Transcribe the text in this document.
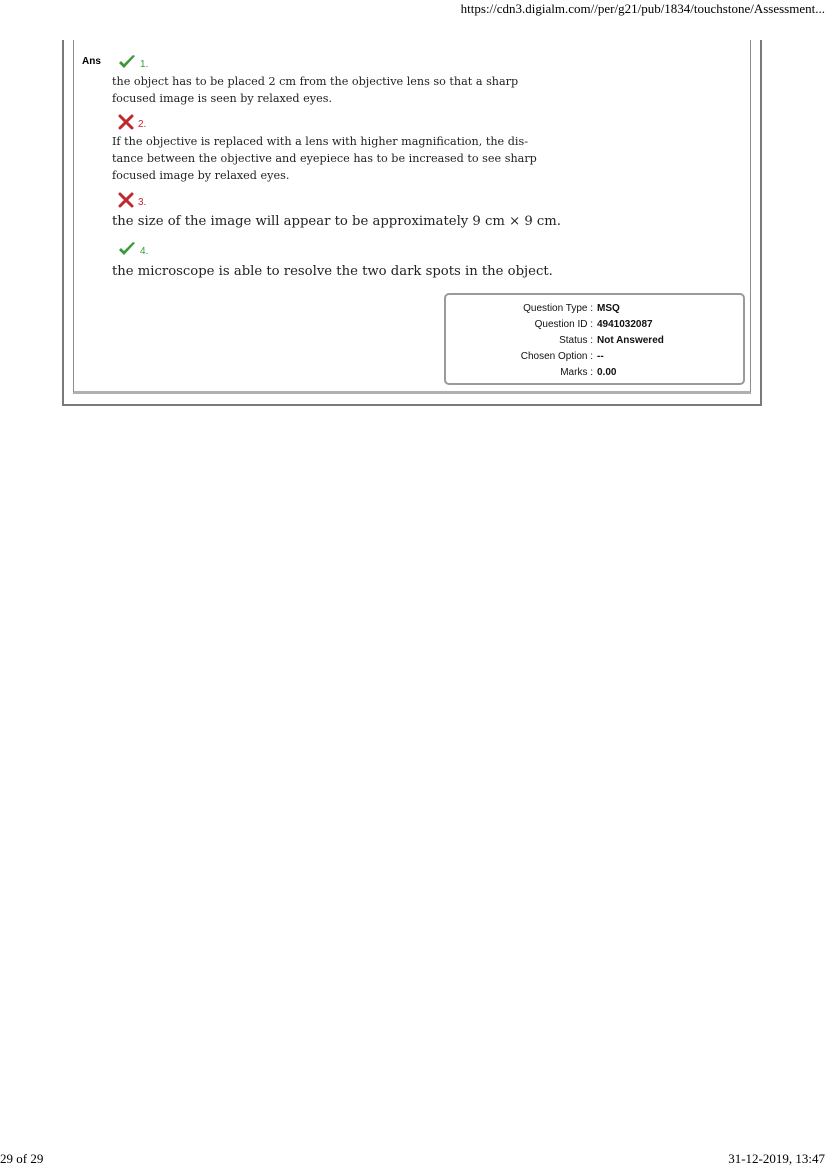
https://cdn3.digialm.com//per/g21/pub/1834/touchstone/Assessment...
Ans	1.
the object has to be placed 2 cm from the objective lens so that a sharp
focused image is seen by relaxed eyes.
2.
If the objective is replaced with a lens with higher magnification, the dis-
tance between the objective and eyepiece has to be increased to see sharp
focused image by relaxed eyes.
3.
the size of the image will appear to be approximately 9 cm × 9 cm.
4.
the microscope is able to resolve the two dark spots in the object.
Question Type : MSQ
Question ID : 4941032087
Status : Not Answered
Chosen Option : --
Marks : 0.00
29 of 29	31-12-2019, 13:47
